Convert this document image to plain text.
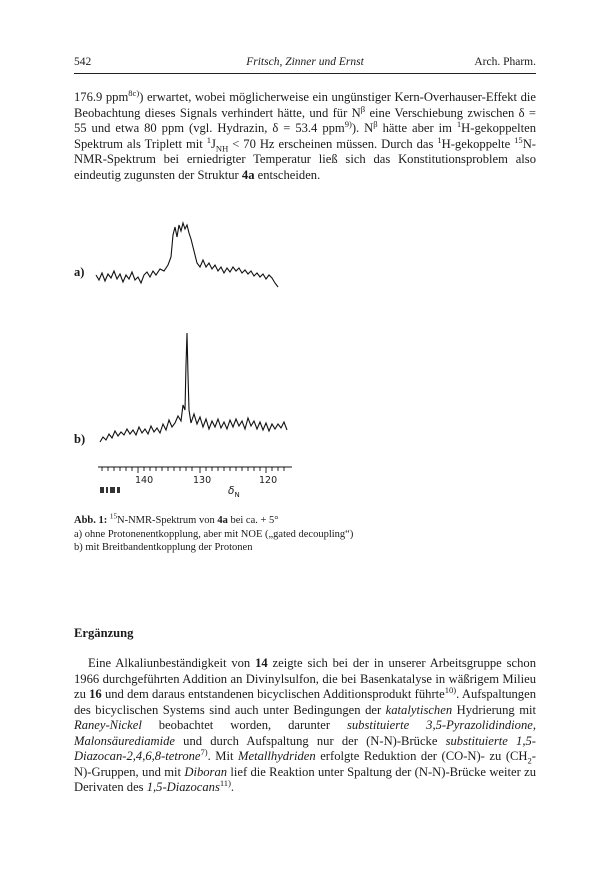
542	Fritsch, Zinner und Ernst	Arch. Pharm.

176.9 ppm$^{8c)}$) erwartet, wobei möglicherweise ein ungünstiger Kern-Overhauser-Effekt die Beobachtung dieses Signals verhindert hätte, und für $N^\beta$ eine Verschiebung zwischen δ = 55 und etwa 80 ppm (vgl. Hydrazin, δ = 53.4 ppm$^{9)}$). $N^\beta$ hätte aber im $^1$H-gekoppelten Spektrum als Triplett mit $^1J_{NH} < 70$ Hz erscheinen müssen. Durch das $^1$H-gekoppelte $^{15}$N-NMR-Spektrum bei erniedrigter Temperatur ließ sich das Konstitutionsproblem also eindeutig zugunsten der Struktur 4a entscheiden.

a)
b)
140	130	120
$\delta_N$
Abb. 1: $^{15}$N-NMR-Spektrum von 4a bei ca. + 5°
a) ohne Protonenentkopplung, aber mit NOE („gated decoupling“)
b) mit Breitbandentkopplung der Protonen
Ergänzung

Eine Alkaliunbeständigkeit von 14 zeigte sich bei der in unserer Arbeitsgruppe schon 1966 durchgeführten Addition an Divinylsulfon, die bei Basenkatalyse in wäßrigem Milieu zu 16 und dem daraus entstandenen bicyclischen Additionsprodukt führte$^{10)}$. Aufspaltungen des bicyclischen Systems sind auch unter Bedingungen der katalytischen Hydrierung mit Raney-Nickel beobachtet worden, darunter substituierte 3,5-Pyrazolidindione, Malonsäurediamide und durch Aufspaltung nur der (N-N)-Brücke substituierte 1,5-Diazocan-2,4,6,8-tetrone$^{7)}$. Mit Metallhydriden erfolgte Reduktion der (CO-N)- zu $(CH_2-N)$-Gruppen, und mit Diboran lief die Reaktion unter Spaltung der (N-N)-Brücke weiter zu Derivaten des 1,5-Diazocans$^{11)}$.
